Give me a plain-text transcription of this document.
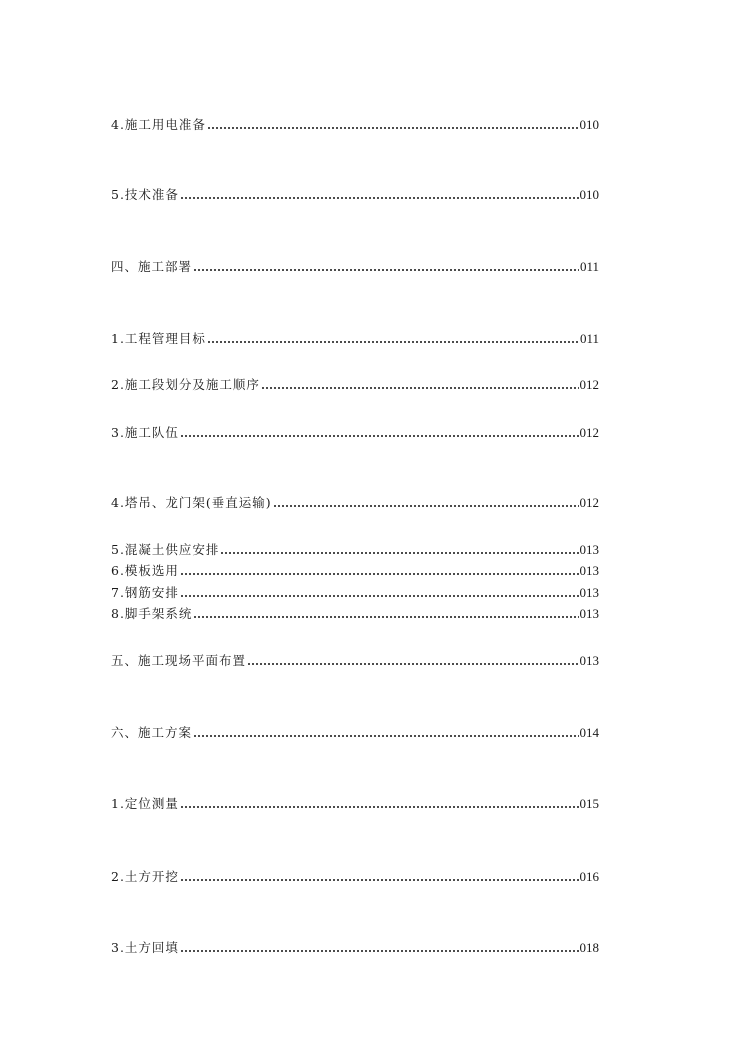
4.施工用电准备	010
5.技术准备	010
四、施工部署	011
1.工程管理目标	011
2.施工段划分及施工顺序	012
3.施工队伍	012
4.塔吊、龙门架(垂直运输)	012
5.混凝土供应安排	013
6.模板选用	013
7.钢筋安排	013
8.脚手架系统	013
五、施工现场平面布置	013
六、施工方案	014
1.定位测量	015
2.土方开挖	016
3.土方回填	018
